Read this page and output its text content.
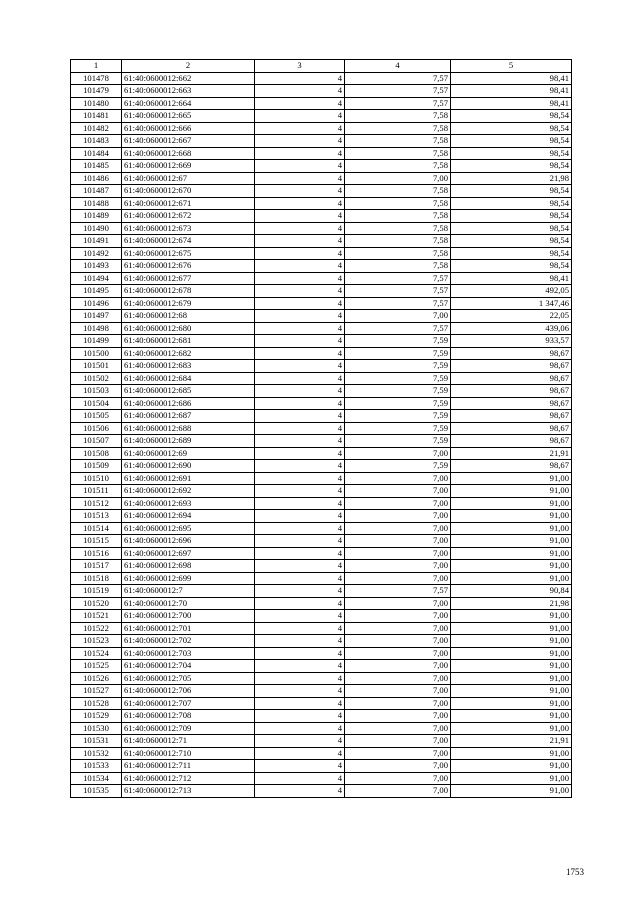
1	2	3	4	5
101478	61:40:0600012:662	4	7,57	98,41
101479	61:40:0600012:663	4	7,57	98,41
101480	61:40:0600012:664	4	7,57	98,41
101481	61:40:0600012:665	4	7,58	98,54
101482	61:40:0600012:666	4	7,58	98,54
101483	61:40:0600012:667	4	7,58	98,54
101484	61:40:0600012:668	4	7,58	98,54
101485	61:40:0600012:669	4	7,58	98,54
101486	61:40:0600012:67	4	7,00	21,98
101487	61:40:0600012:670	4	7,58	98,54
101488	61:40:0600012:671	4	7,58	98,54
101489	61:40:0600012:672	4	7,58	98,54
101490	61:40:0600012:673	4	7,58	98,54
101491	61:40:0600012:674	4	7,58	98,54
101492	61:40:0600012:675	4	7,58	98,54
101493	61:40:0600012:676	4	7,58	98,54
101494	61:40:0600012:677	4	7,57	98,41
101495	61:40:0600012:678	4	7,57	492,05
101496	61:40:0600012:679	4	7,57	1 347,46
101497	61:40:0600012:68	4	7,00	22,05
101498	61:40:0600012:680	4	7,57	439,06
101499	61:40:0600012:681	4	7,59	933,57
101500	61:40:0600012:682	4	7,59	98,67
101501	61:40:0600012:683	4	7,59	98,67
101502	61:40:0600012:684	4	7,59	98,67
101503	61:40:0600012:685	4	7,59	98,67
101504	61:40:0600012:686	4	7,59	98,67
101505	61:40:0600012:687	4	7,59	98,67
101506	61:40:0600012:688	4	7,59	98,67
101507	61:40:0600012:689	4	7,59	98,67
101508	61:40:0600012:69	4	7,00	21,91
101509	61:40:0600012:690	4	7,59	98,67
101510	61:40:0600012:691	4	7,00	91,00
101511	61:40:0600012:692	4	7,00	91,00
101512	61:40:0600012:693	4	7,00	91,00
101513	61:40:0600012:694	4	7,00	91,00
101514	61:40:0600012:695	4	7,00	91,00
101515	61:40:0600012:696	4	7,00	91,00
101516	61:40:0600012:697	4	7,00	91,00
101517	61:40:0600012:698	4	7,00	91,00
101518	61:40:0600012:699	4	7,00	91,00
101519	61:40:0600012:7	4	7,57	90,84
101520	61:40:0600012:70	4	7,00	21,98
101521	61:40:0600012:700	4	7,00	91,00
101522	61:40:0600012:701	4	7,00	91,00
101523	61:40:0600012:702	4	7,00	91,00
101524	61:40:0600012:703	4	7,00	91,00
101525	61:40:0600012:704	4	7,00	91,00
101526	61:40:0600012:705	4	7,00	91,00
101527	61:40:0600012:706	4	7,00	91,00
101528	61:40:0600012:707	4	7,00	91,00
101529	61:40:0600012:708	4	7,00	91,00
101530	61:40:0600012:709	4	7,00	91,00
101531	61:40:0600012:71	4	7,00	21,91
101532	61:40:0600012:710	4	7,00	91,00
101533	61:40:0600012:711	4	7,00	91,00
101534	61:40:0600012:712	4	7,00	91,00
101535	61:40:0600012:713	4	7,00	91,00
1753
